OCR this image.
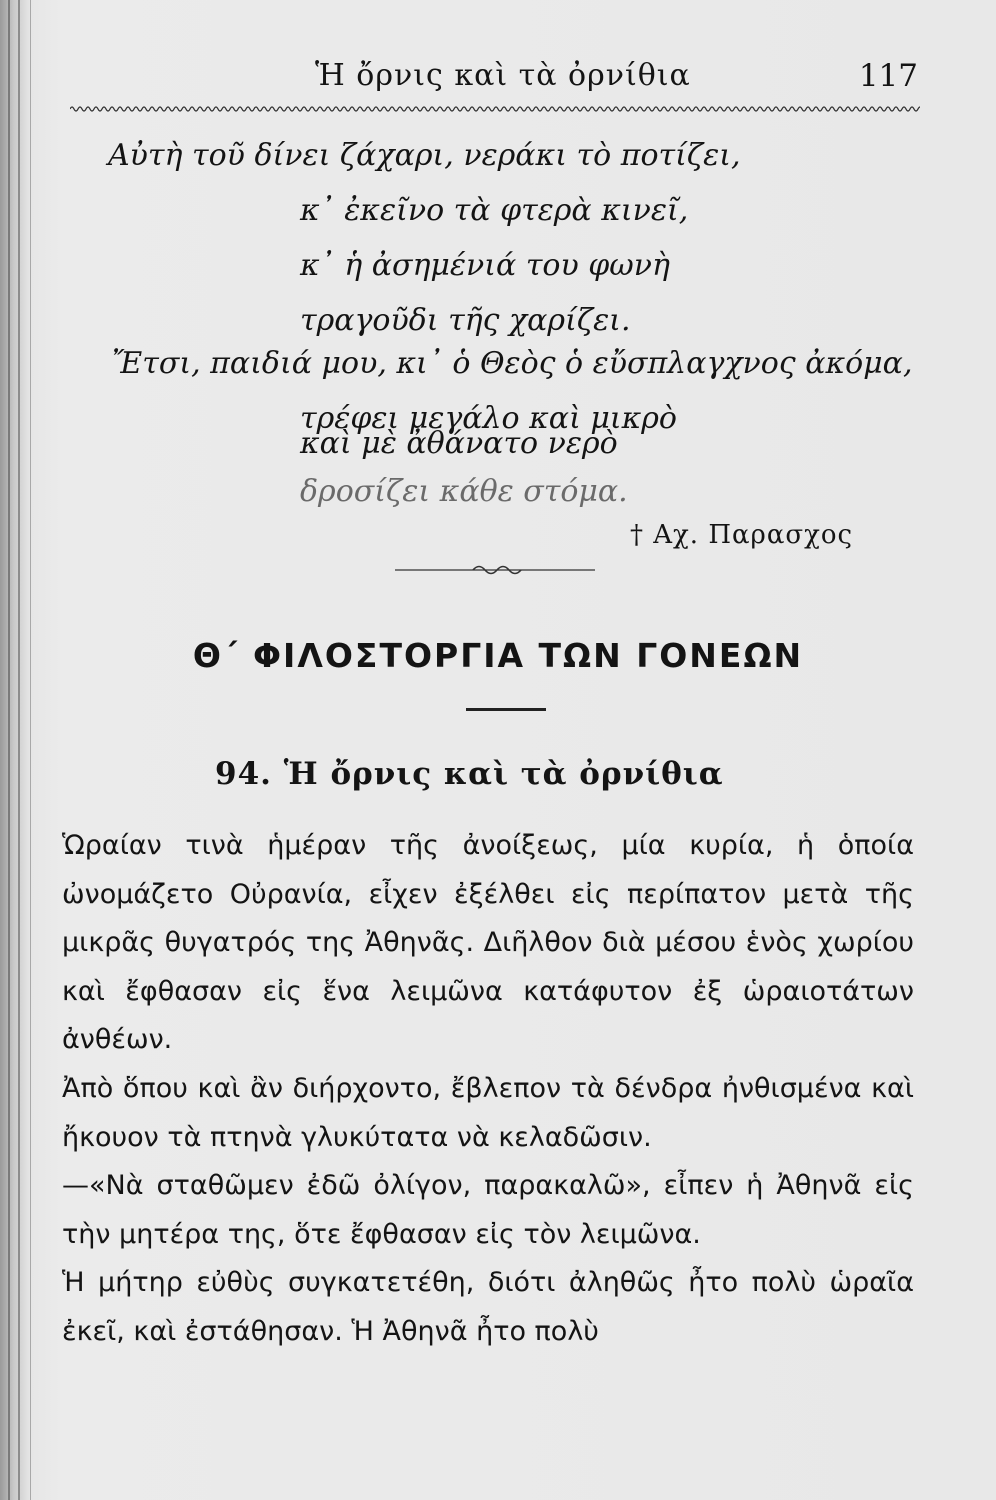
Ἡ ὄρνις καὶ τὰ ὀρνίθια	117
Αὐτὴ τοῦ δίνει ζάχαρι, νεράκι τὸ ποτίζει,
κ᾿ ἐκεῖνο τὰ φτερὰ κινεῖ,
κ᾿ ἡ ἀσημένιά του φωνὴ
τραγοῦδι τῆς χαρίζει.
Ἔτσι, παιδιά μου, κι᾿ ὁ Θεὸς ὁ εὔσπλαγχνος ἀκόμα,
τρέφει μεγάλο καὶ μικρὸ
καὶ μὲ ἀθάνατο νερὸ
δροσίζει κάθε στόμα.
† Αχ. Παρασχος
Θ΄ ΦΙΛΟΣΤΟΡΓΙΑ ΤΩΝ ΓΟΝΕΩΝ
94. Ἡ ὄρνις καὶ τὰ ὀρνίθια

Ὡραίαν τινὰ ἡμέραν τῆς ἀνοίξεως, μία κυρία, ἡ ὁποία ὠνομάζετο Οὐρανία, εἶχεν ἐξέλθει εἰς περίπατον μετὰ τῆς μικρᾶς θυγατρός της Ἀθηνᾶς. Διῆλθον διὰ μέσου ἑνὸς χωρίου καὶ ἔφθασαν εἰς ἕνα λειμῶνα κατάφυτον ἐξ ὡραιοτάτων ἀνθέων.

Ἀπὸ ὅπου καὶ ἂν διήρχοντο, ἔβλεπον τὰ δένδρα ἠνθισμένα καὶ ἤκουον τὰ πτηνὰ γλυκύτατα νὰ κελαδῶσιν.

—«Νὰ σταθῶμεν ἐδῶ ὀλίγον, παρακαλῶ», εἶπεν ἡ Ἀθηνᾶ εἰς τὴν μητέρα της, ὅτε ἔφθασαν εἰς τὸν λειμῶνα.

Ἡ μήτηρ εὐθὺς συγκατετέθη, διότι ἀληθῶς ἦτο πολὺ ὡραῖα ἐκεῖ, καὶ ἐστάθησαν. Ἡ Ἀθηνᾶ ἦτο πολὺ
